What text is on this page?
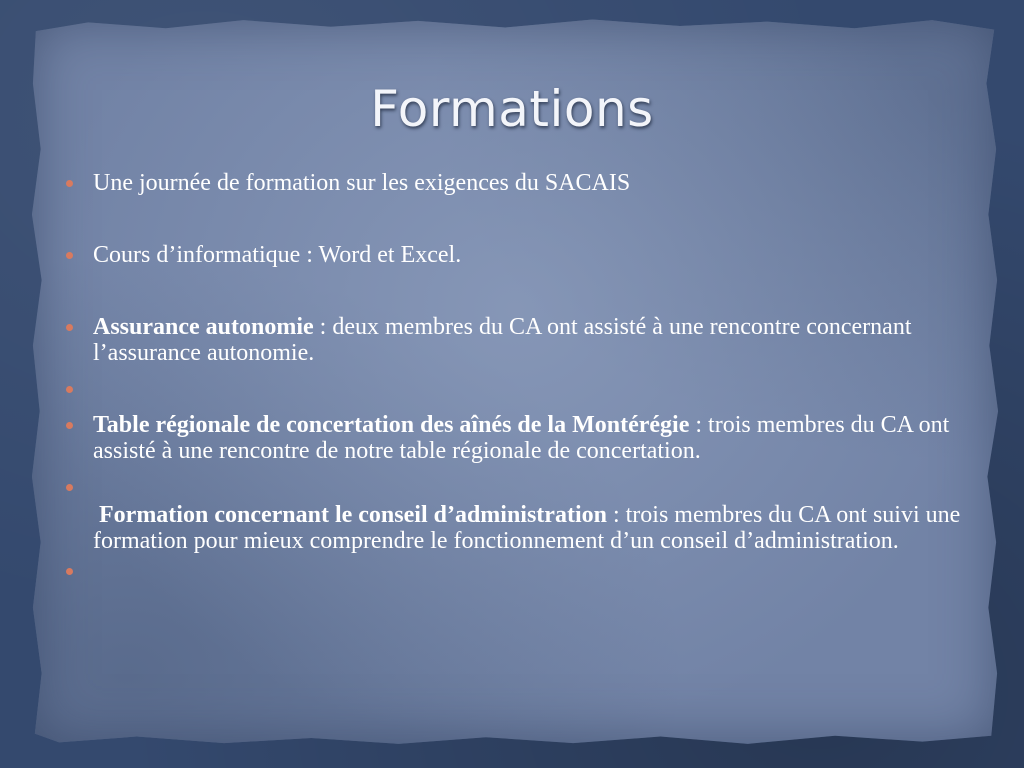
Formations
Une journée de formation sur les exigences du SACAIS
Cours d’informatique : Word et Excel.
Assurance autonomie : deux membres du CA ont assisté à une rencontre concernant l’assurance autonomie.
Table régionale de concertation des aînés de la Montérégie : trois membres du CA ont assisté à une rencontre de notre table régionale de concertation.
Formation concernant le conseil d’administration : trois membres du CA ont suivi une formation pour mieux comprendre le fonctionnement d’un conseil d’administration.
